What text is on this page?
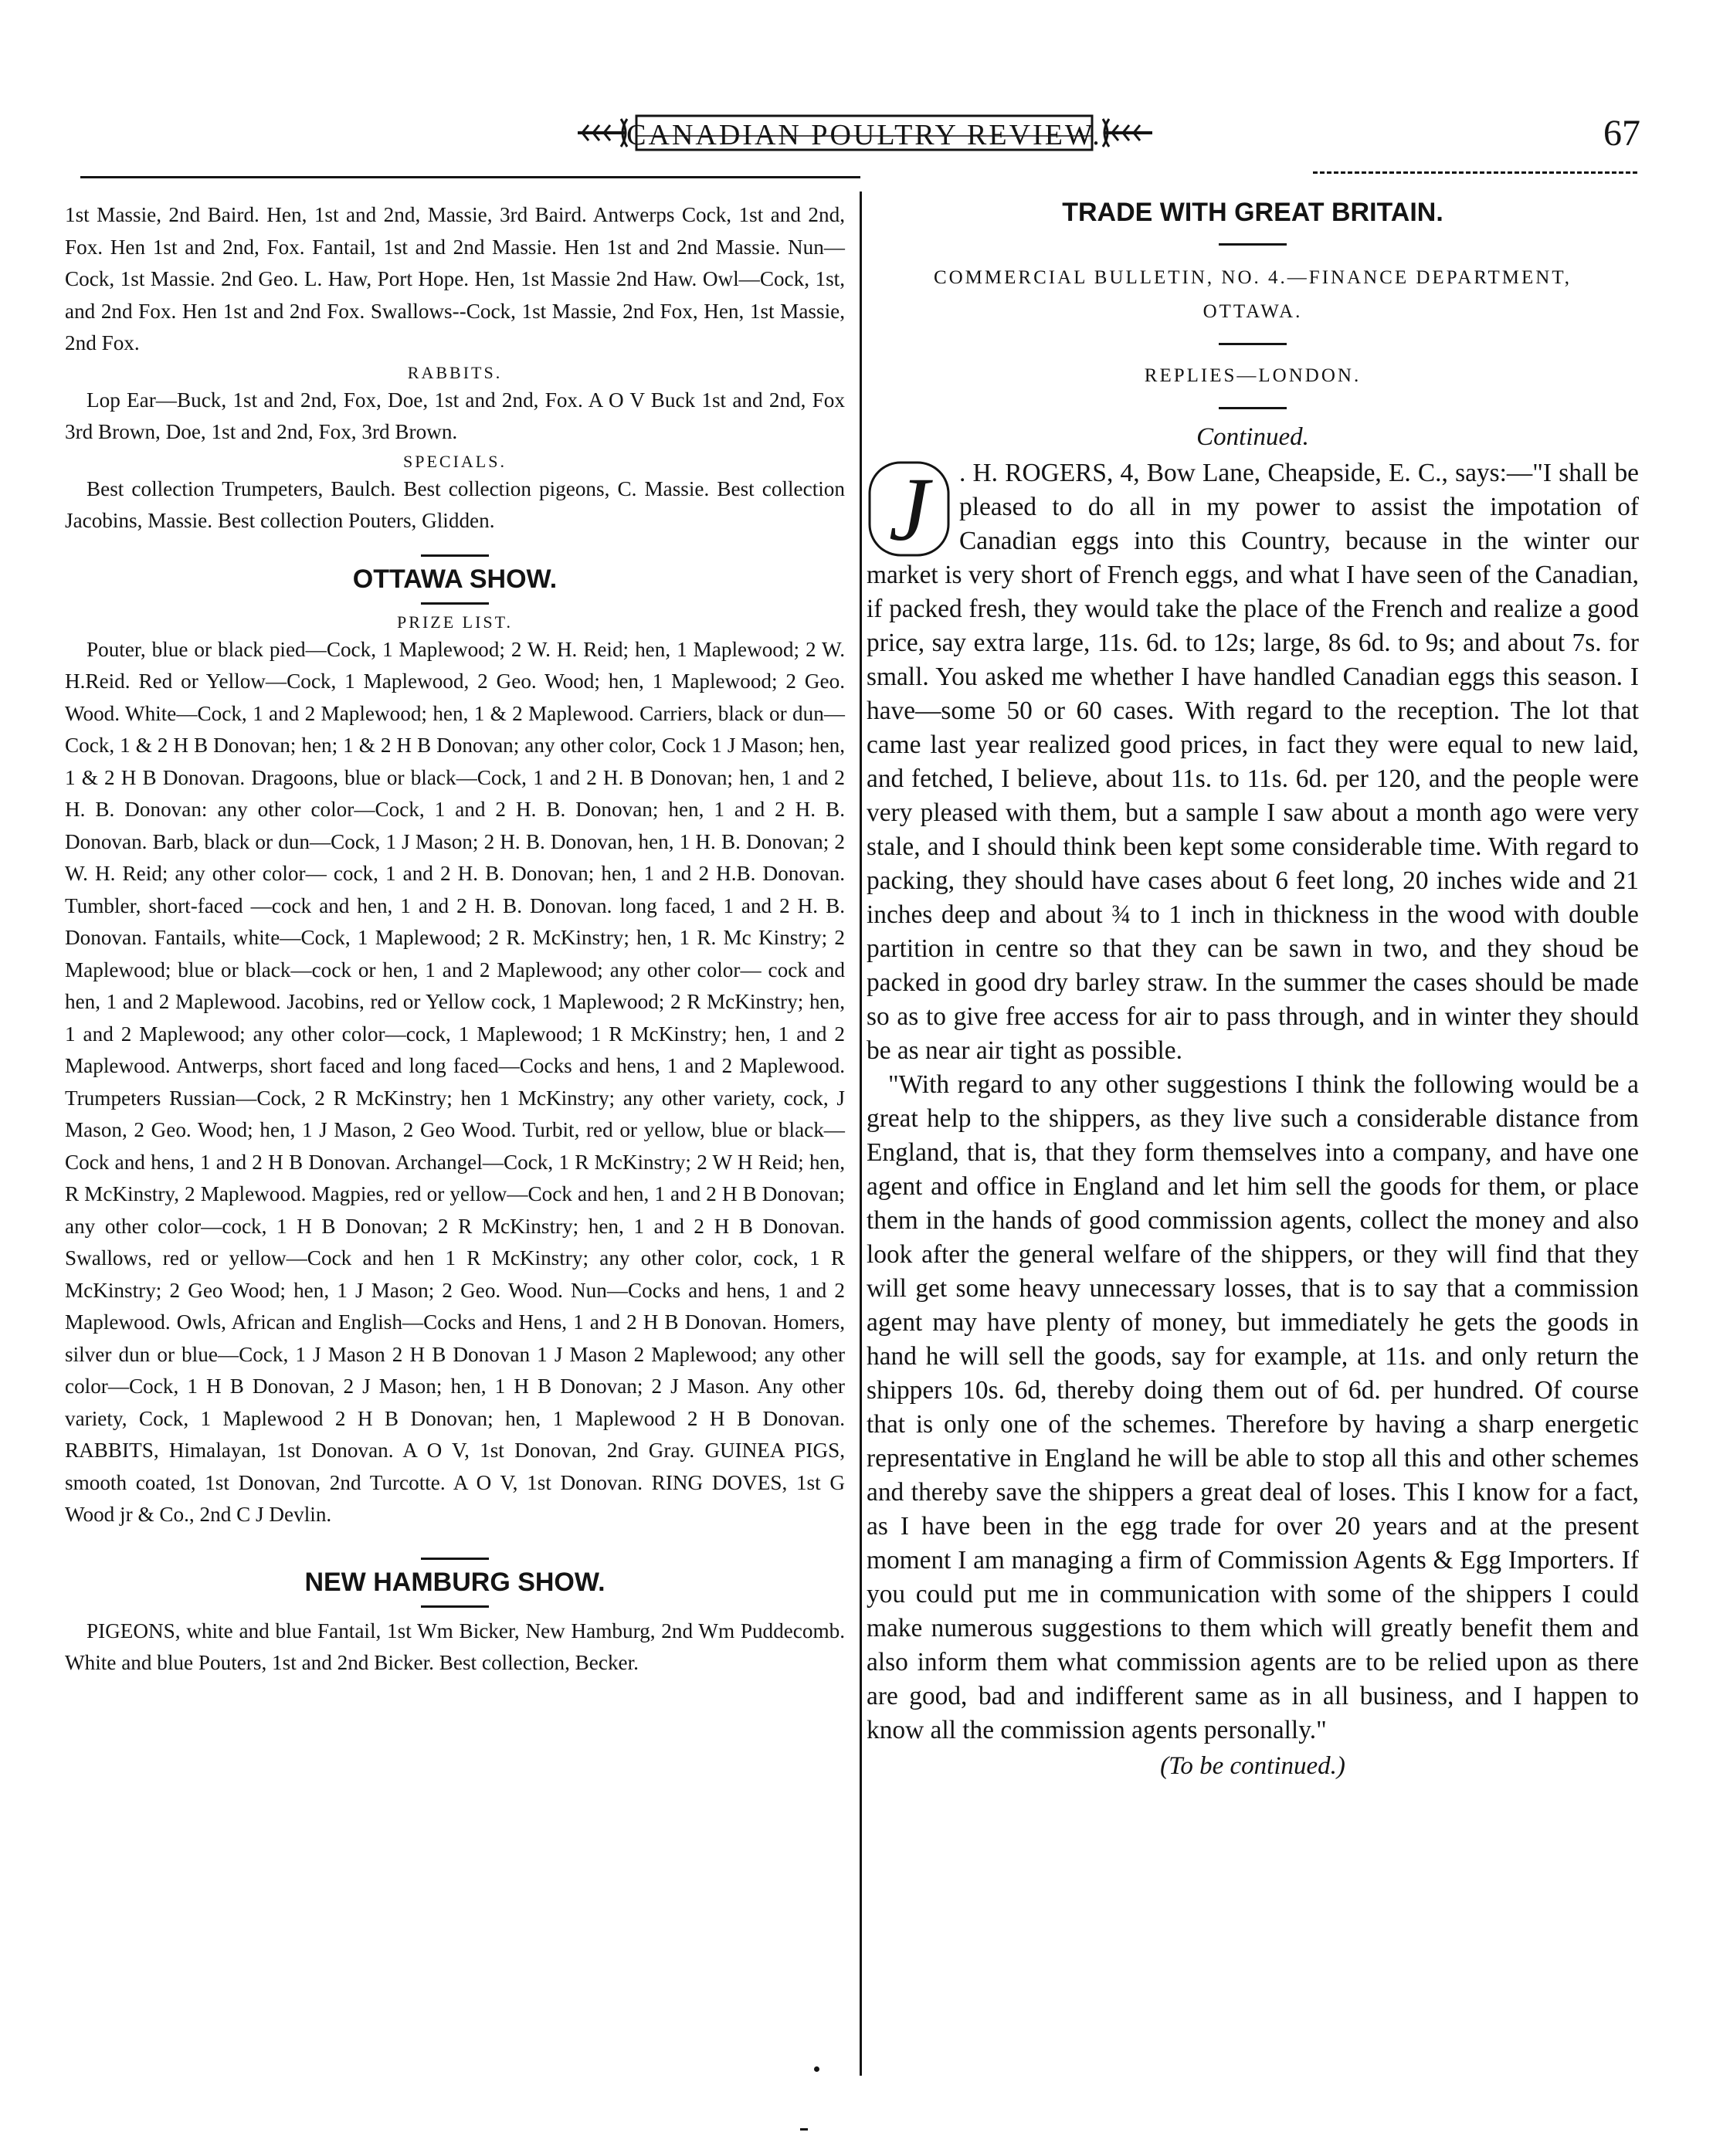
CANADIAN POULTRY REVIEW.	67

1st Massie, 2nd Baird. Hen, 1st and 2nd, Massie, 3rd Baird. Antwerps Cock, 1st and 2nd, Fox. Hen 1st and 2nd, Fox. Fantail, 1st and 2nd Massie. Hen 1st and 2nd Massie. Nun—Cock, 1st Massie. 2nd Geo. L. Haw, Port Hope. Hen, 1st Massie 2nd Haw. Owl—Cock, 1st, and 2nd Fox. Hen 1st and 2nd Fox. Swallows--Cock, 1st Massie, 2nd Fox, Hen, 1st Massie, 2nd Fox.

RABBITS.

Lop Ear—Buck, 1st and 2nd, Fox, Doe, 1st and 2nd, Fox. A O V Buck 1st and 2nd, Fox 3rd Brown, Doe, 1st and 2nd, Fox, 3rd Brown.

SPECIALS.

Best collection Trumpeters, Baulch. Best collection pigeons, C. Massie. Best collection Jacobins, Massie. Best collection Pouters, Glidden.

OTTAWA SHOW.
PRIZE LIST.

Pouter, blue or black pied—Cock, 1 Maplewood; 2 W. H. Reid; hen, 1 Maplewood; 2 W. H.Reid. Red or Yellow—Cock, 1 Maplewood, 2 Geo. Wood; hen, 1 Maplewood; 2 Geo. Wood. White—Cock, 1 and 2 Maplewood; hen, 1 & 2 Maplewood. Carriers, black or dun—Cock, 1 & 2 H B Donovan; hen; 1 & 2 H B Donovan; any other color, Cock 1 J Mason; hen, 1 & 2 H B Donovan. Dragoons, blue or black—Cock, 1 and 2 H. B Donovan; hen, 1 and 2 H. B. Donovan: any other color—Cock, 1 and 2 H. B. Donovan; hen, 1 and 2 H. B. Donovan. Barb, black or dun—Cock, 1 J Mason; 2 H. B. Donovan, hen, 1 H. B. Donovan; 2 W. H. Reid; any other color— cock, 1 and 2 H. B. Donovan; hen, 1 and 2 H.B. Donovan. Tumbler, short-faced —cock and hen, 1 and 2 H. B. Donovan. long faced, 1 and 2 H. B. Donovan. Fantails, white—Cock, 1 Maplewood; 2 R. McKinstry; hen, 1 R. Mc Kinstry; 2 Maplewood; blue or black—cock or hen, 1 and 2 Maplewood; any other color— cock and hen, 1 and 2 Maplewood. Jacobins, red or Yellow cock, 1 Maplewood; 2 R McKinstry; hen, 1 and 2 Maplewood; any other color—cock, 1 Maplewood; 1 R McKinstry; hen, 1 and 2 Maplewood. Antwerps, short faced and long faced—Cocks and hens, 1 and 2 Maplewood. Trumpeters Russian—Cock, 2 R McKinstry; hen 1 McKinstry; any other variety, cock, J Mason, 2 Geo. Wood; hen, 1 J Mason, 2 Geo Wood. Turbit, red or yellow, blue or black—Cock and hens, 1 and 2 H B Donovan. Archangel—Cock, 1 R McKinstry; 2 W H Reid; hen, R McKinstry, 2 Maplewood. Magpies, red or yellow—Cock and hen, 1 and 2 H B Donovan; any other color—cock, 1 H B Donovan; 2 R McKinstry; hen, 1 and 2 H B Donovan. Swallows, red or yellow—Cock and hen 1 R McKinstry; any other color, cock, 1 R McKinstry; 2 Geo Wood; hen, 1 J Mason; 2 Geo. Wood. Nun—Cocks and hens, 1 and 2 Maplewood. Owls, African and English—Cocks and Hens, 1 and 2 H B Donovan. Homers, silver dun or blue—Cock, 1 J Mason 2 H B Donovan 1 J Mason 2 Maplewood; any other color—Cock, 1 H B Donovan, 2 J Mason; hen, 1 H B Donovan; 2 J Mason. Any other variety, Cock, 1 Maplewood 2 H B Donovan; hen, 1 Maplewood 2 H B Donovan. RABBITS, Himalayan, 1st Donovan. A O V, 1st Donovan, 2nd Gray. GUINEA PIGS, smooth coated, 1st Donovan, 2nd Turcotte. A O V, 1st Donovan. RING DOVES, 1st G Wood jr & Co., 2nd C J Devlin.

NEW HAMBURG SHOW.

PIGEONS, white and blue Fantail, 1st Wm Bicker, New Hamburg, 2nd Wm Puddecomb. White and blue Pouters, 1st and 2nd Bicker. Best collection, Becker.

TRADE WITH GREAT BRITAIN.
COMMERCIAL BULLETIN, NO. 4.—FINANCE DEPARTMENT,
OTTAWA.
REPLIES—LONDON.
Continued.

J . H. ROGERS, 4, Bow Lane, Cheapside, E. C., says:—"I shall be pleased to do all in my power to assist the impotation of Canadian eggs into this Country, because in the winter our market is very short of French eggs, and what I have seen of the Canadian, if packed fresh, they would take the place of the French and realize a good price, say extra large, 11s. 6d. to 12s; large, 8s 6d. to 9s; and about 7s. for small. You asked me whether I have handled Canadian eggs this season. I have—some 50 or 60 cases. With regard to the reception. The lot that came last year realized good prices, in fact they were equal to new laid, and fetched, I believe, about 11s. to 11s. 6d. per 120, and the people were very pleased with them, but a sample I saw about a month ago were very stale, and I should think been kept some considerable time. With regard to packing, they should have cases about 6 feet long, 20 inches wide and 21 inches deep and about ¾ to 1 inch in thickness in the wood with double partition in centre so that they can be sawn in two, and they shoud be packed in good dry barley straw. In the summer the cases should be made so as to give free access for air to pass through, and in winter they should be as near air tight as possible.

"With regard to any other suggestions I think the following would be a great help to the shippers, as they live such a considerable distance from England, that is, that they form themselves into a company, and have one agent and office in England and let him sell the goods for them, or place them in the hands of good commission agents, collect the money and also look after the general welfare of the shippers, or they will find that they will get some heavy unnecessary losses, that is to say that a commission agent may have plenty of money, but immediately he gets the goods in hand he will sell the goods, say for example, at 11s. and only return the shippers 10s. 6d, thereby doing them out of 6d. per hundred. Of course that is only one of the schemes. Therefore by having a sharp energetic representative in England he will be able to stop all this and other schemes and thereby save the shippers a great deal of loses. This I know for a fact, as I have been in the egg trade for over 20 years and at the present moment I am managing a firm of Commission Agents & Egg Importers. If you could put me in communication with some of the shippers I could make numerous suggestions to them which will greatly benefit them and also inform them what commission agents are to be relied upon as there are good, bad and indifferent same as in all business, and I happen to know all the commission agents personally."

(To be continued.)
